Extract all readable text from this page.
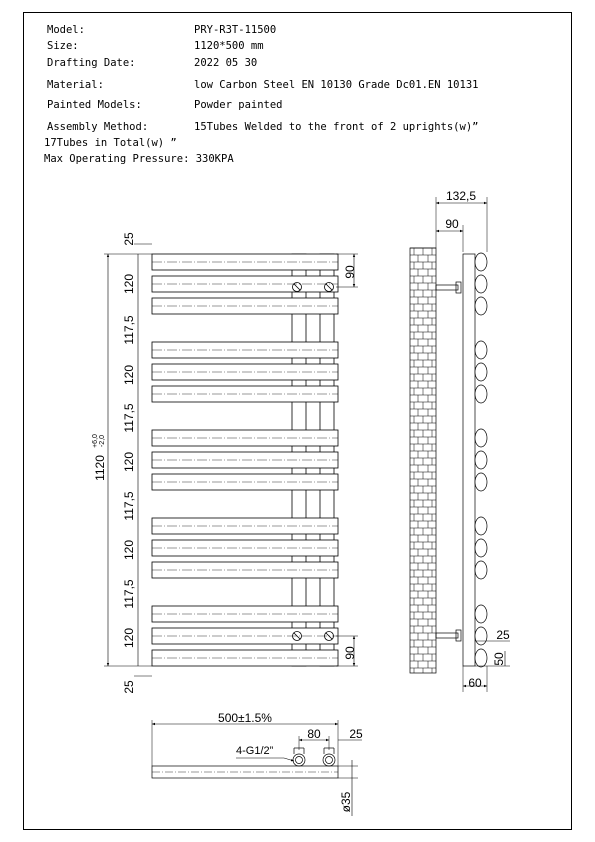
Model:	PRY-R3T-11500
Size:	1120*500 mm
Drafting Date:	2022 05 30
Material:	low Carbon Steel EN 10130 Grade Dc01.EN 10131
Painted Models:	Powder painted
Assembly Method:	15Tubes Welded to the front of 2 uprights(w)”
17Tubes in Total(w) ”
Max Operating Pressure: 330KPA
25
120
117,5
120
117,5
120
117,5
120
117,5
120
25
1120
+6,0 -2,0
90
90
132,5
90
25
50
60
500±1.5%
80 25
4-G1/2”
ø35
